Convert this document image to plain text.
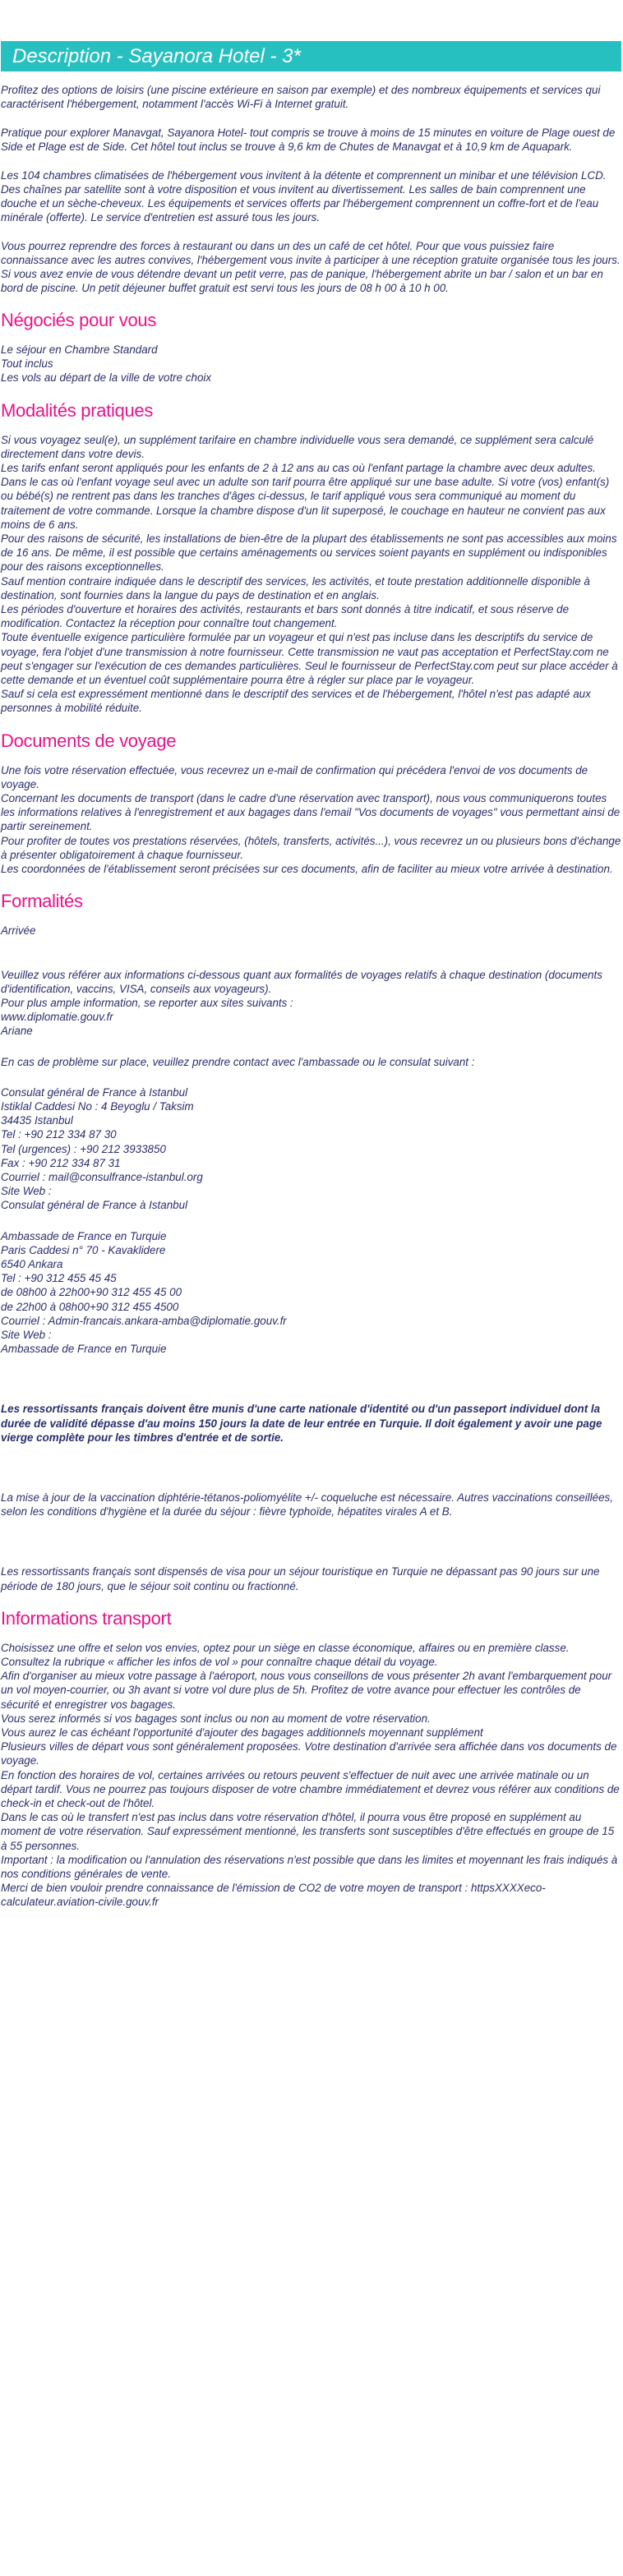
Description - Sayanora Hotel - 3*

Profitez des options de loisirs (une piscine extérieure en saison par exemple) et des nombreux équipements et services qui caractérisent l'hébergement, notamment l'accès Wi-Fi à Internet gratuit.

Pratique pour explorer Manavgat, Sayanora Hotel- tout compris se trouve à moins de 15 minutes en voiture de Plage ouest de Side et Plage est de Side. Cet hôtel tout inclus se trouve à 9,6 km de Chutes de Manavgat et à 10,9 km de Aquapark.

Les 104 chambres climatisées de l'hébergement vous invitent à la détente et comprennent un minibar et une télévision LCD. Des chaînes par satellite sont à votre disposition et vous invitent au divertissement. Les salles de bain comprennent une douche et un sèche-cheveux. Les équipements et services offerts par l'hébergement comprennent un coffre-fort et de l'eau minérale (offerte). Le service d'entretien est assuré tous les jours.

Vous pourrez reprendre des forces à restaurant ou dans un des un café de cet hôtel. Pour que vous puissiez faire connaissance avec les autres convives, l'hébergement vous invite à participer à une réception gratuite organisée tous les jours. Si vous avez envie de vous détendre devant un petit verre, pas de panique, l'hébergement abrite un bar / salon et un bar en bord de piscine. Un petit déjeuner buffet gratuit est servi tous les jours de 08 h 00 à 10 h 00.

Négociés pour vous
Le séjour en Chambre Standard
Tout inclus
Les vols au départ de la ville de votre choix
Modalités pratiques
Si vous voyagez seul(e), un supplément tarifaire en chambre individuelle vous sera demandé, ce supplément sera calculé directement dans votre devis.
Les tarifs enfant seront appliqués pour les enfants de 2 à 12 ans au cas où l'enfant partage la chambre avec deux adultes. Dans le cas où l'enfant voyage seul avec un adulte son tarif pourra être appliqué sur une base adulte. Si votre (vos) enfant(s) ou bébé(s) ne rentrent pas dans les tranches d'âges ci-dessus, le tarif appliqué vous sera communiqué au moment du traitement de votre commande. Lorsque la chambre dispose d'un lit superposé, le couchage en hauteur ne convient pas aux moins de 6 ans.
Pour des raisons de sécurité, les installations de bien-être de la plupart des établissements ne sont pas accessibles aux moins de 16 ans. De même, il est possible que certains aménagements ou services soient payants en supplément ou indisponibles pour des raisons exceptionnelles.
Sauf mention contraire indiquée dans le descriptif des services, les activités, et toute prestation additionnelle disponible à destination, sont fournies dans la langue du pays de destination et en anglais.
Les périodes d'ouverture et horaires des activités, restaurants et bars sont donnés à titre indicatif, et sous réserve de modification. Contactez la réception pour connaître tout changement.
Toute éventuelle exigence particulière formulée par un voyageur et qui n'est pas incluse dans les descriptifs du service de voyage, fera l'objet d'une transmission à notre fournisseur. Cette transmission ne vaut pas acceptation et PerfectStay.com ne peut s'engager sur l'exécution de ces demandes particulières. Seul le fournisseur de PerfectStay.com peut sur place accéder à cette demande et un éventuel coût supplémentaire pourra être à régler sur place par le voyageur.
Sauf si cela est expressément mentionné dans le descriptif des services et de l'hébergement, l'hôtel n'est pas adapté aux personnes à mobilité réduite.
Documents de voyage
Une fois votre réservation effectuée, vous recevrez un e-mail de confirmation qui précédera l'envoi de vos documents de voyage.
Concernant les documents de transport (dans le cadre d'une réservation avec transport), nous vous communiquerons toutes les informations relatives à l'enregistrement et aux bagages dans l'email "Vos documents de voyages" vous permettant ainsi de partir sereinement.
Pour profiter de toutes vos prestations réservées, (hôtels, transferts, activités...), vous recevrez un ou plusieurs bons d'échange à présenter obligatoirement à chaque fournisseur.
Les coordonnées de l'établissement seront précisées sur ces documents, afin de faciliter au mieux votre arrivée à destination.
Formalités
Arrivée
Veuillez vous référer aux informations ci-dessous quant aux formalités de voyages relatifs à chaque destination (documents d'identification, vaccins, VISA, conseils aux voyageurs).
Pour plus ample information, se reporter aux sites suivants :
www.diplomatie.gouv.fr
Ariane
En cas de problème sur place, veuillez prendre contact avec l'ambassade ou le consulat suivant :
Consulat général de France à Istanbul
Istiklal Caddesi No : 4 Beyoglu / Taksim
34435 Istanbul
Tel : +90 212 334 87 30
Tel (urgences) : +90 212 3933850
Fax : +90 212 334 87 31
Courriel : mail@consulfrance-istanbul.org
Site Web :
Consulat général de France à Istanbul
Ambassade de France en Turquie
Paris Caddesi n° 70 - Kavaklidere
6540 Ankara
Tel : +90 312 455 45 45
de 08h00 à 22h00+90 312 455 45 00
de 22h00 à 08h00+90 312 455 4500
Courriel : Admin-francais.ankara-amba@diplomatie.gouv.fr
Site Web :
Ambassade de France en Turquie
Les ressortissants français doivent être munis d'une carte nationale d'identité ou d'un passeport individuel dont la durée de validité dépasse d'au moins 150 jours la date de leur entrée en Turquie. Il doit également y avoir une page vierge complète pour les timbres d'entrée et de sortie.
La mise à jour de la vaccination diphtérie-tétanos-poliomyélite +/- coqueluche est nécessaire. Autres vaccinations conseillées, selon les conditions d'hygiène et la durée du séjour : fièvre typhoïde, hépatites virales A et B.
Les ressortissants français sont dispensés de visa pour un séjour touristique en Turquie ne dépassant pas 90 jours sur une période de 180 jours, que le séjour soit continu ou fractionné.
Informations transport
Choisissez une offre et selon vos envies, optez pour un siège en classe économique, affaires ou en première classe.
Consultez la rubrique « afficher les infos de vol » pour connaître chaque détail du voyage.
Afin d'organiser au mieux votre passage à l'aéroport, nous vous conseillons de vous présenter 2h avant l'embarquement pour un vol moyen-courrier, ou 3h avant si votre vol dure plus de 5h. Profitez de votre avance pour effectuer les contrôles de sécurité et enregistrer vos bagages.
Vous serez informés si vos bagages sont inclus ou non au moment de votre réservation.
Vous aurez le cas échéant l'opportunité d'ajouter des bagages additionnels moyennant supplément
Plusieurs villes de départ vous sont généralement proposées. Votre destination d'arrivée sera affichée dans vos documents de voyage.
En fonction des horaires de vol, certaines arrivées ou retours peuvent s'effectuer de nuit avec une arrivée matinale ou un départ tardif. Vous ne pourrez pas toujours disposer de votre chambre immédiatement et devrez vous référer aux conditions de check-in et check-out de l'hôtel.
Dans le cas où le transfert n'est pas inclus dans votre réservation d'hôtel, il pourra vous être proposé en supplément au moment de votre réservation. Sauf expressément mentionné, les transferts sont susceptibles d'être effectués en groupe de 15 à 55 personnes.
Important : la modification ou l'annulation des réservations n'est possible que dans les limites et moyennant les frais indiqués à nos conditions générales de vente.
Merci de bien vouloir prendre connaissance de l'émission de CO2 de votre moyen de transport : httpsXXXXeco-calculateur.aviation-civile.gouv.fr
